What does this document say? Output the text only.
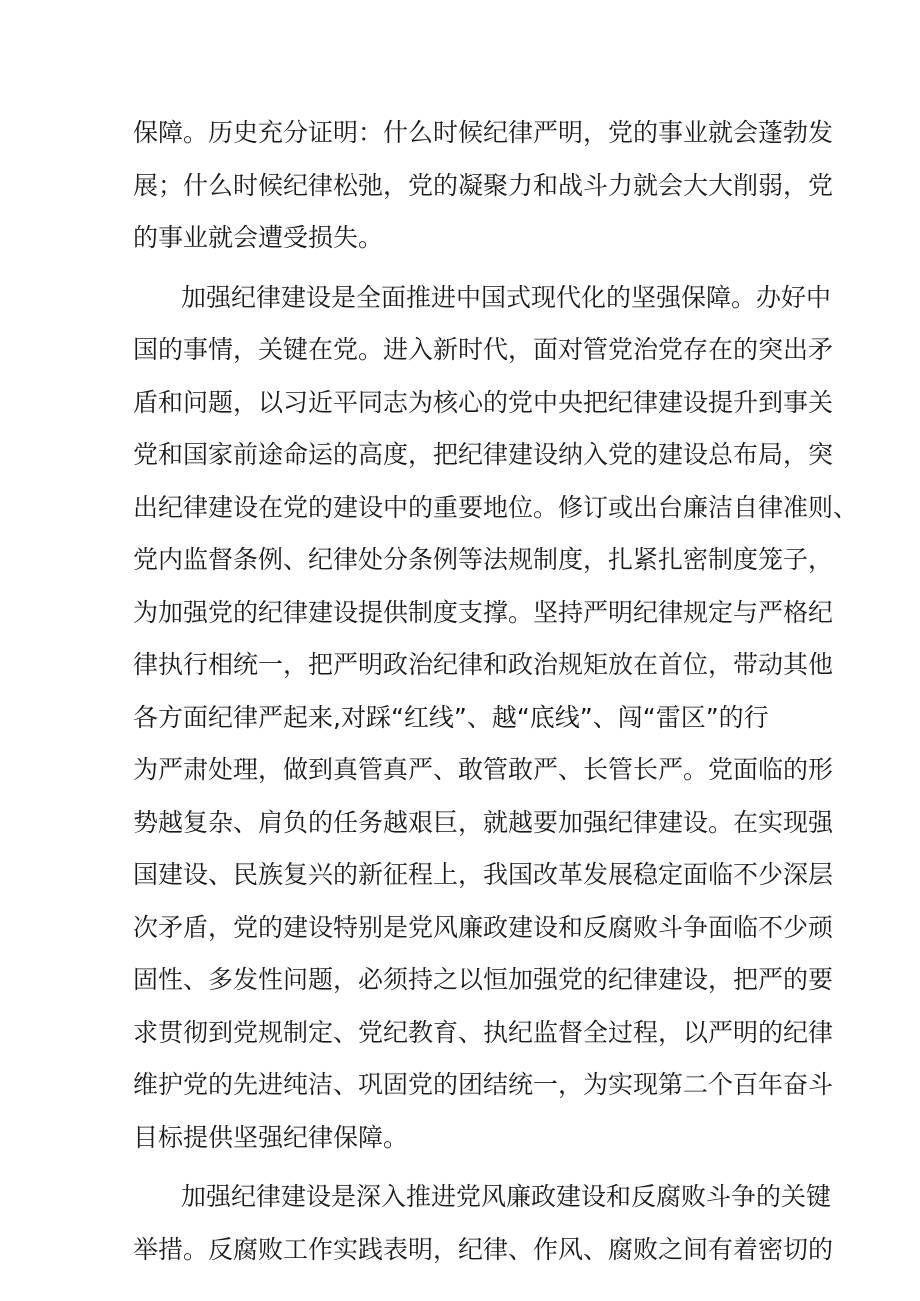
保障。历史充分证明：什么时候纪律严明，党的事业就会蓬勃发
展；什么时候纪律松弛，党的凝聚力和战斗力就会大大削弱，党
的事业就会遭受损失。
加强纪律建设是全面推进中国式现代化的坚强保障。办好中
国的事情，关键在党。进入新时代，面对管党治党存在的突出矛
盾和问题，以习近平同志为核心的党中央把纪律建设提升到事关
党和国家前途命运的高度，把纪律建设纳入党的建设总布局，突
出纪律建设在党的建设中的重要地位。修订或出台廉洁自律准则、
党内监督条例、纪律处分条例等法规制度，扎紧扎密制度笼子，
为加强党的纪律建设提供制度支撑。坚持严明纪律规定与严格纪
律执行相统一，把严明政治纪律和政治规矩放在首位，带动其他
各方面纪律严起来,对踩“红线”、越“底线”、闯“雷区”的行
为严肃处理，做到真管真严、敢管敢严、长管长严。党面临的形
势越复杂、肩负的任务越艰巨，就越要加强纪律建设。在实现强
国建设、民族复兴的新征程上，我国改革发展稳定面临不少深层
次矛盾，党的建设特别是党风廉政建设和反腐败斗争面临不少顽
固性、多发性问题，必须持之以恒加强党的纪律建设，把严的要
求贯彻到党规制定、党纪教育、执纪监督全过程，以严明的纪律
维护党的先进纯洁、巩固党的团结统一，为实现第二个百年奋斗
目标提供坚强纪律保障。
加强纪律建设是深入推进党风廉政建设和反腐败斗争的关键
举措。反腐败工作实践表明，纪律、作风、腐败之间有着密切的
